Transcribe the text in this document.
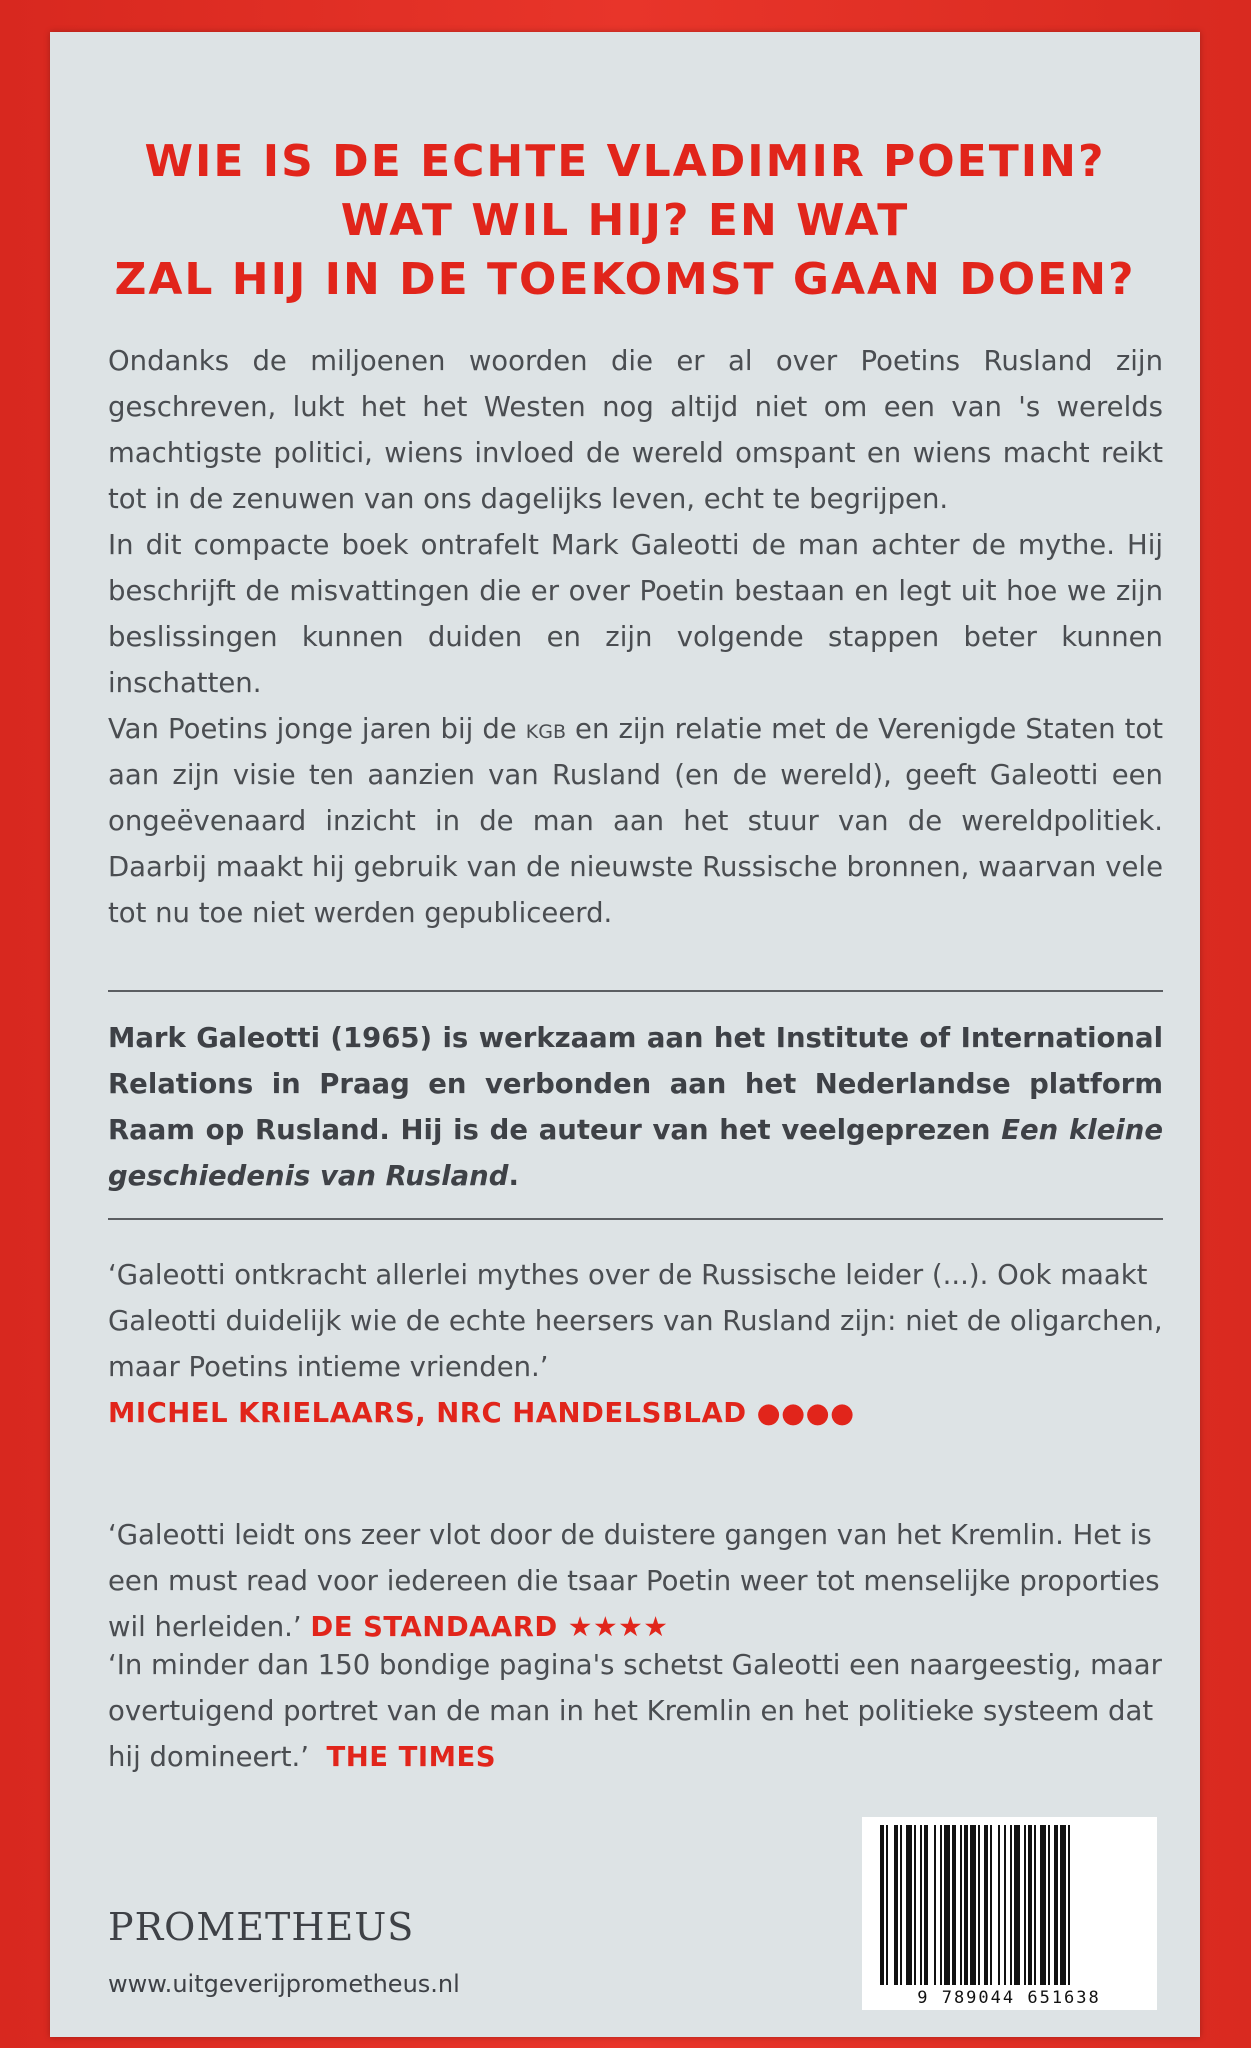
WIE IS DE ECHTE VLADIMIR POETIN?
WAT WIL HIJ? EN WAT
ZAL HIJ IN DE TOEKOMST GAAN DOEN?

Ondanks de miljoenen woorden die er al over Poetins Rusland zijn geschreven, lukt het het Westen nog altijd niet om een van 's werelds machtigste politici, wiens invloed de wereld omspant en wiens macht reikt tot in de zenuwen van ons dagelijks leven, echt te begrijpen.

In dit compacte boek ontrafelt Mark Galeotti de man achter de mythe. Hij beschrijft de misvattingen die er over Poetin bestaan en legt uit hoe we zijn beslissingen kunnen duiden en zijn volgende stappen beter kunnen inschatten.

Van Poetins jonge jaren bij de kgb en zijn relatie met de Verenigde Staten tot aan zijn visie ten aanzien van Rusland (en de wereld), geeft Galeotti een ongeëvenaard inzicht in de man aan het stuur van de wereldpolitiek. Daarbij maakt hij gebruik van de nieuwste Russische bronnen, waarvan vele tot nu toe niet werden gepubliceerd.

Mark Galeotti (1965) is werkzaam aan het Institute of International Relations in Praag en verbonden aan het Nederlandse platform Raam op Rusland. Hij is de auteur van het veelgeprezen Een kleine geschiedenis van Rusland.

‘Galeotti ontkracht allerlei mythes over de Russische leider (...). Ook maakt Galeotti duidelijk wie de echte heersers van Rusland zijn: niet de oligarchen, maar Poetins intieme vrienden.’

MICHEL KRIELAARS, NRC HANDELSBLAD ●●●●

‘Galeotti leidt ons zeer vlot door de duistere gangen van het Kremlin. Het is een must read voor iedereen die tsaar Poetin weer tot menselijke proporties wil herleiden.’ DE STANDAARD ★★★★

‘In minder dan 150 bondige pagina's schetst Galeotti een naargeestig, maar overtuigend portret van de man in het Kremlin en het politieke systeem dat hij domineert.’ THE TIMES

PROMETHEUS
www.uitgeverijprometheus.nl	9 789044 651638
